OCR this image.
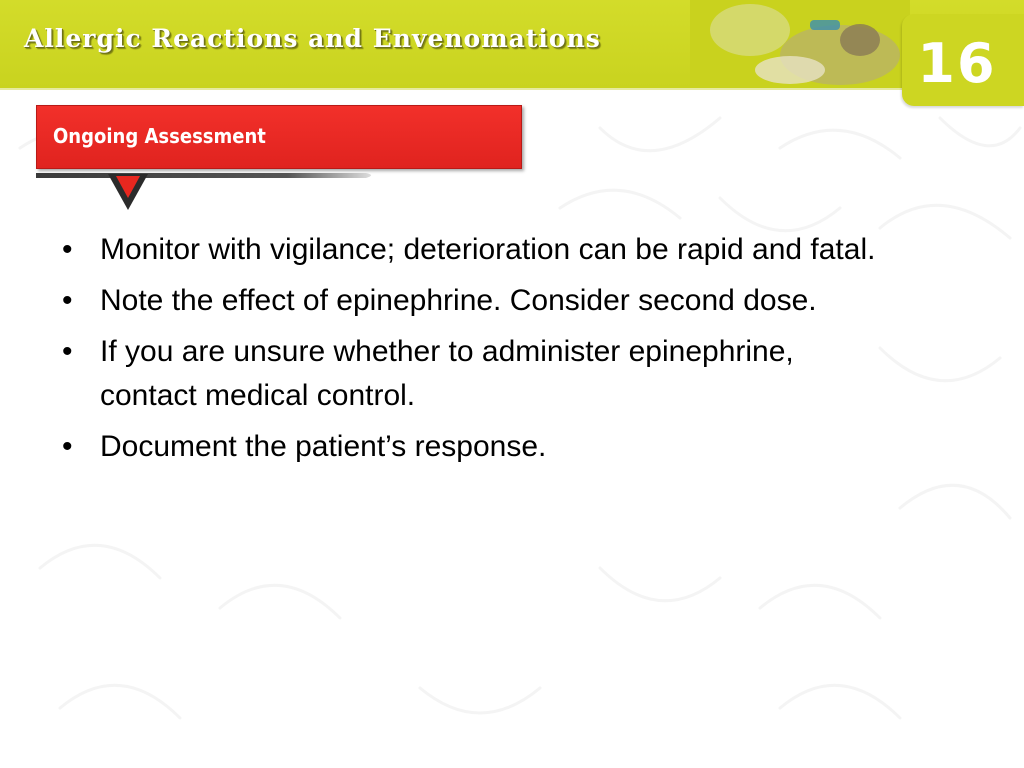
Allergic Reactions and Envenomations	16
Ongoing Assessment
• Monitor with vigilance; deterioration can be rapid and fatal.
• Note the effect of epinephrine. Consider second dose.
• If you are unsure whether to administer epinephrine, contact medical control.
• Document the patient’s response.
